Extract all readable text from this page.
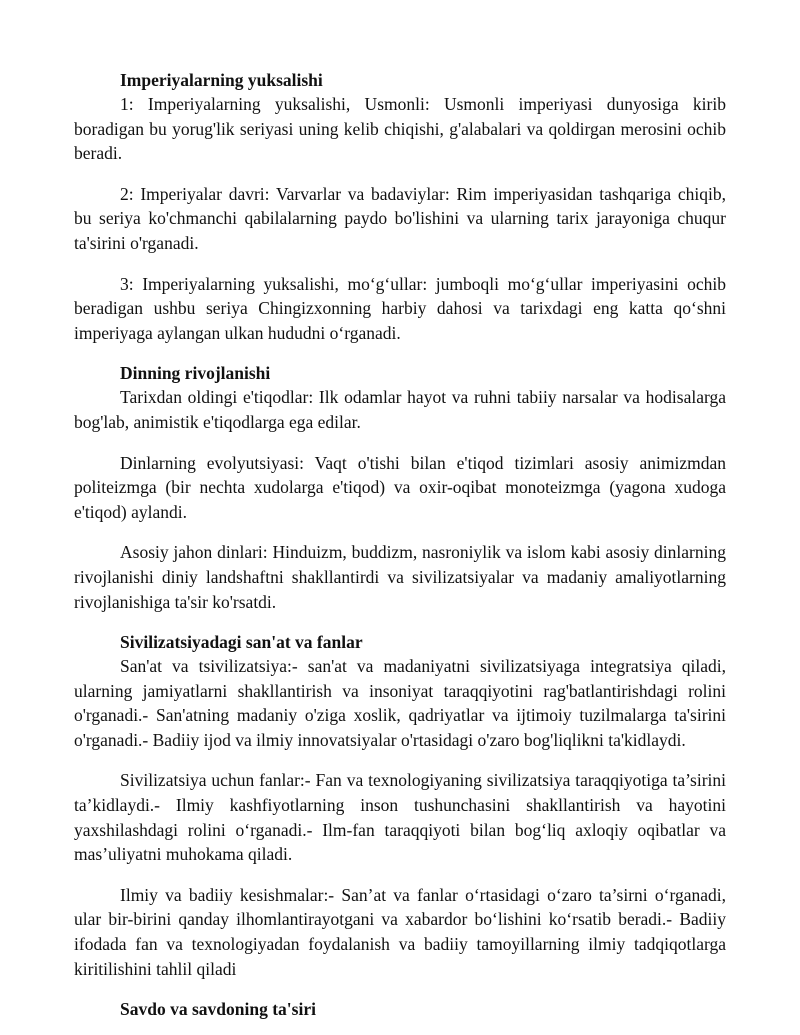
Imperiyalarning yuksalishi

1: Imperiyalarning yuksalishi, Usmonli: Usmonli imperiyasi dunyosiga kirib boradigan bu yorug'lik seriyasi uning kelib chiqishi, g'alabalari va qoldirgan merosini ochib beradi.

2: Imperiyalar davri: Varvarlar va badaviylar: Rim imperiyasidan tashqariga chiqib, bu seriya ko'chmanchi qabilalarning paydo bo'lishini va ularning tarix jarayoniga chuqur ta'sirini o'rganadi.

3: Imperiyalarning yuksalishi, mo‘g‘ullar: jumboqli mo‘g‘ullar imperiyasini ochib beradigan ushbu seriya Chingizxonning harbiy dahosi va tarixdagi eng katta qo‘shni imperiyaga aylangan ulkan hududni o‘rganadi.

Dinning rivojlanishi

Tarixdan oldingi e'tiqodlar: Ilk odamlar hayot va ruhni tabiiy narsalar va hodisalarga bog'lab, animistik e'tiqodlarga ega edilar.

Dinlarning evolyutsiyasi: Vaqt o'tishi bilan e'tiqod tizimlari asosiy animizmdan politeizmga (bir nechta xudolarga e'tiqod) va oxir-oqibat monoteizmga (yagona xudoga e'tiqod) aylandi.

Asosiy jahon dinlari: Hinduizm, buddizm, nasroniylik va islom kabi asosiy dinlarning rivojlanishi diniy landshaftni shakllantirdi va sivilizatsiyalar va madaniy amaliyotlarning rivojlanishiga ta'sir ko'rsatdi.

Sivilizatsiyadagi san'at va fanlar

San'at va tsivilizatsiya:- san'at va madaniyatni sivilizatsiyaga integratsiya qiladi, ularning jamiyatlarni shakllantirish va insoniyat taraqqiyotini rag'batlantirishdagi rolini o'rganadi.- San'atning madaniy o'ziga xoslik, qadriyatlar va ijtimoiy tuzilmalarga ta'sirini o'rganadi.- Badiiy ijod va ilmiy innovatsiyalar o'rtasidagi o'zaro bog'liqlikni ta'kidlaydi.

Sivilizatsiya uchun fanlar:- Fan va texnologiyaning sivilizatsiya taraqqiyotiga ta’sirini ta’kidlaydi.- Ilmiy kashfiyotlarning inson tushunchasini shakllantirish va hayotini yaxshilashdagi rolini o‘rganadi.- Ilm-fan taraqqiyoti bilan bog‘liq axloqiy oqibatlar va mas’uliyatni muhokama qiladi.

Ilmiy va badiiy kesishmalar:- San’at va fanlar o‘rtasidagi o‘zaro ta’sirni o‘rganadi, ular bir-birini qanday ilhomlantirayotgani va xabardor bo‘lishini ko‘rsatib beradi.- Badiiy ifodada fan va texnologiyadan foydalanish va badiiy tamoyillarning ilmiy tadqiqotlarga kiritilishini tahlil qiladi

Savdo va savdoning ta'siri
